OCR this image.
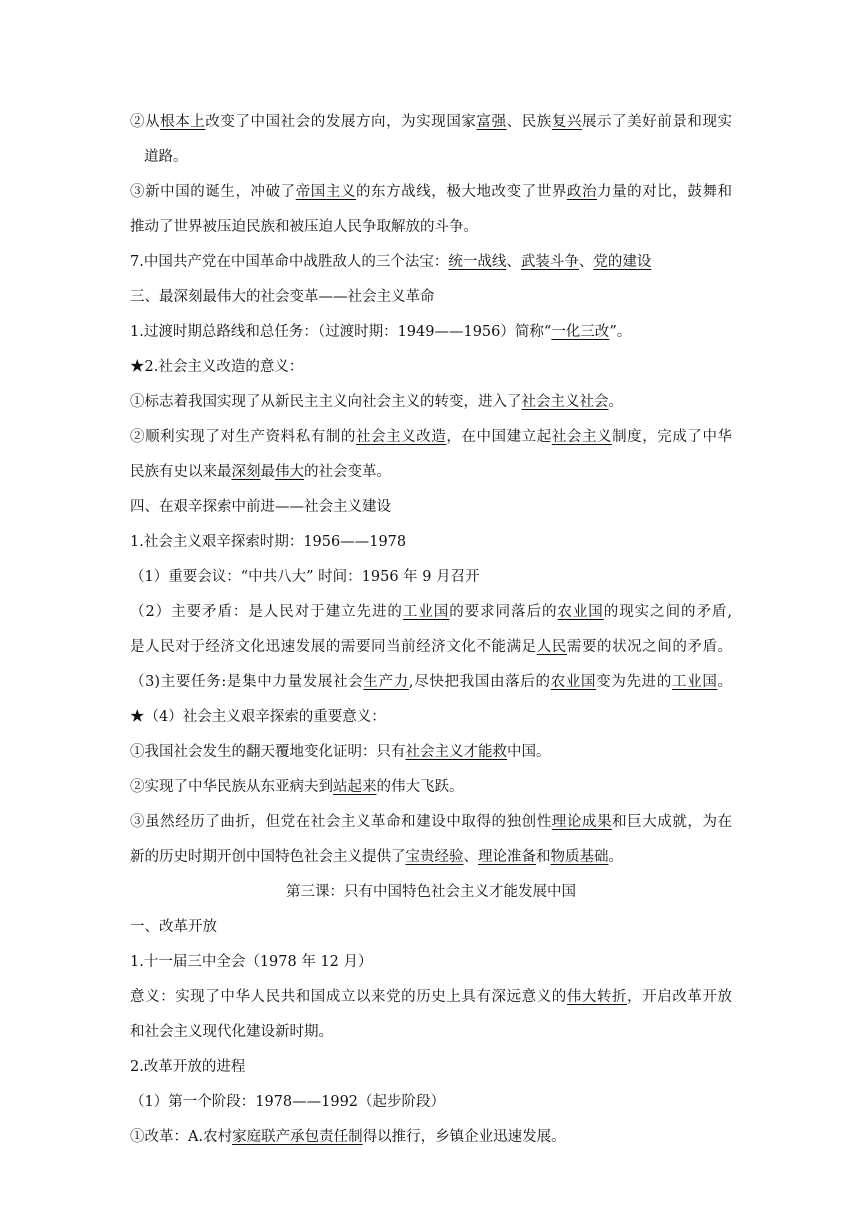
②从根本上改变了中国社会的发展方向，为实现国家富强、民族复兴展示了美好前景和现实

道路。

③新中国的诞生，冲破了帝国主义的东方战线，极大地改变了世界政治力量的对比，鼓舞和

推动了世界被压迫民族和被压迫人民争取解放的斗争。

7.中国共产党在中国革命中战胜敌人的三个法宝：统一战线、武装斗争、党的建设

三、最深刻最伟大的社会变革——社会主义革命

1.过渡时期总路线和总任务：（过渡时期：1949——1956）简称“一化三改”。

★2.社会主义改造的意义：

①标志着我国实现了从新民主主义向社会主义的转变，进入了社会主义社会。

②顺利实现了对生产资料私有制的社会主义改造，在中国建立起社会主义制度，完成了中华

民族有史以来最深刻最伟大的社会变革。

四、在艰辛探索中前进——社会主义建设

1.社会主义艰辛探索时期：1956——1978

（1）重要会议：“中共八大” 时间：1956 年 9 月召开

（2）主要矛盾：是人民对于建立先进的工业国的要求同落后的农业国的现实之间的矛盾,

是人民对于经济文化迅速发展的需要同当前经济文化不能满足人民需要的状况之间的矛盾。

（3)主要任务:是集中力量发展社会生产力,尽快把我国由落后的农业国变为先进的工业国。

★（4）社会主义艰辛探索的重要意义：

①我国社会发生的翻天覆地变化证明：只有社会主义才能救中国。

②实现了中华民族从东亚病夫到站起来的伟大飞跃。

③虽然经历了曲折，但党在社会主义革命和建设中取得的独创性理论成果和巨大成就，为在

新的历史时期开创中国特色社会主义提供了宝贵经验、理论准备和物质基础。

第三课：只有中国特色社会主义才能发展中国

一、改革开放

1.十一届三中全会（1978 年 12 月）

意义：实现了中华人民共和国成立以来党的历史上具有深远意义的伟大转折，开启改革开放

和社会主义现代化建设新时期。

2.改革开放的进程

（1）第一个阶段：1978——1992（起步阶段）

①改革：A.农村家庭联产承包责任制得以推行，乡镇企业迅速发展。
